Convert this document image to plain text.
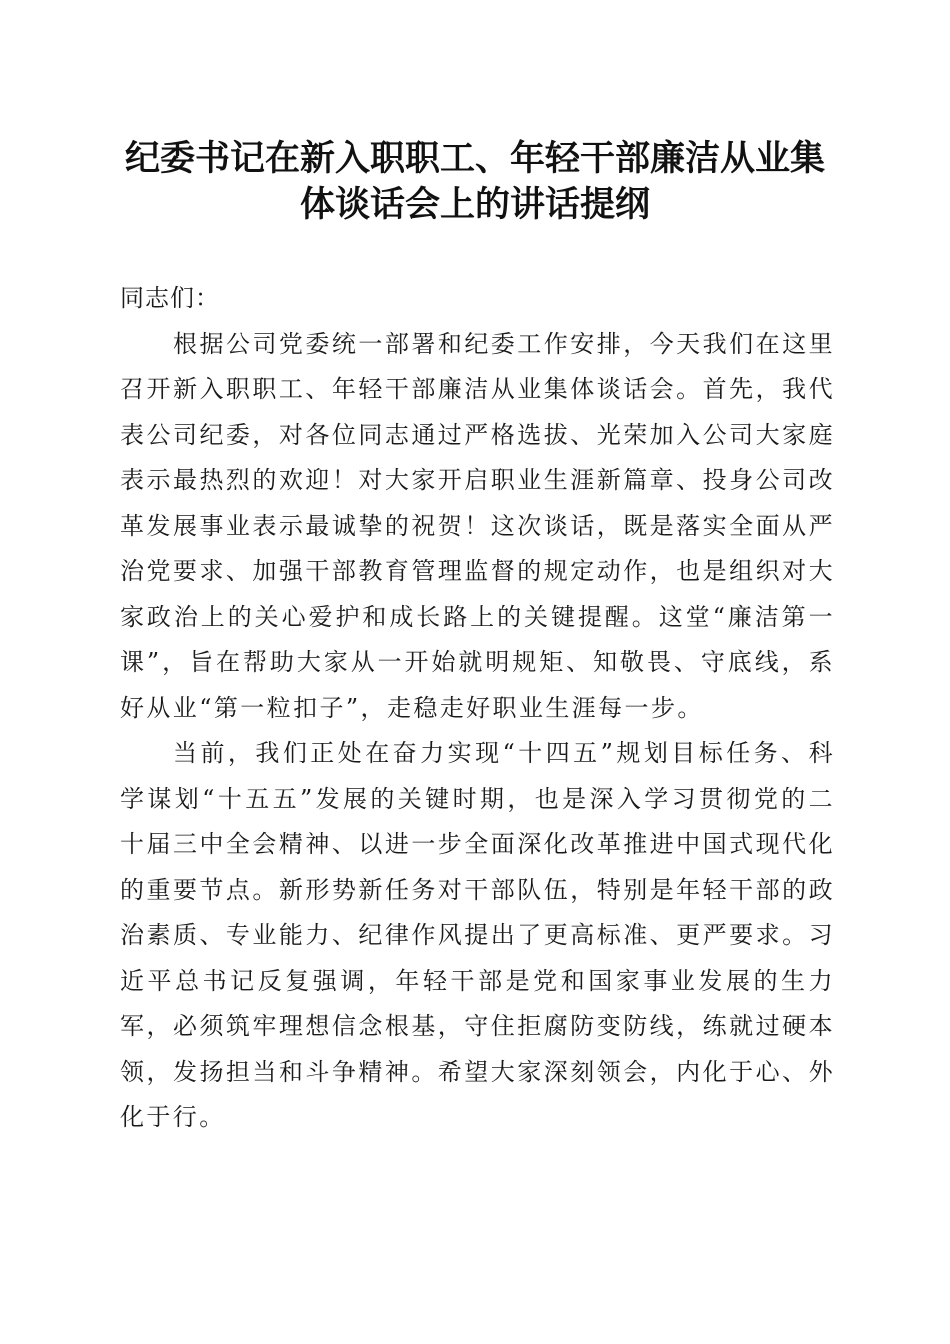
纪委书记在新入职职工、年轻干部廉洁从业集
体谈话会上的讲话提纲

同志们：

根据公司党委统一部署和纪委工作安排，今天我们在这里召开新入职职工、年轻干部廉洁从业集体谈话会。首先，我代表公司纪委，对各位同志通过严格选拔、光荣加入公司大家庭表示最热烈的欢迎！对大家开启职业生涯新篇章、投身公司改革发展事业表示最诚挚的祝贺！这次谈话，既是落实全面从严治党要求、加强干部教育管理监督的规定动作，也是组织对大家政治上的关心爱护和成长路上的关键提醒。这堂“廉洁第一课”，旨在帮助大家从一开始就明规矩、知敬畏、守底线，系好从业“第一粒扣子”，走稳走好职业生涯每一步。

当前，我们正处在奋力实现“十四五”规划目标任务、科学谋划“十五五”发展的关键时期，也是深入学习贯彻党的二十届三中全会精神、以进一步全面深化改革推进中国式现代化的重要节点。新形势新任务对干部队伍，特别是年轻干部的政治素质、专业能力、纪律作风提出了更高标准、更严要求。习近平总书记反复强调，年轻干部是党和国家事业发展的生力军，必须筑牢理想信念根基，守住拒腐防变防线，练就过硬本领，发扬担当和斗争精神。希望大家深刻领会，内化于心、外化于行。
